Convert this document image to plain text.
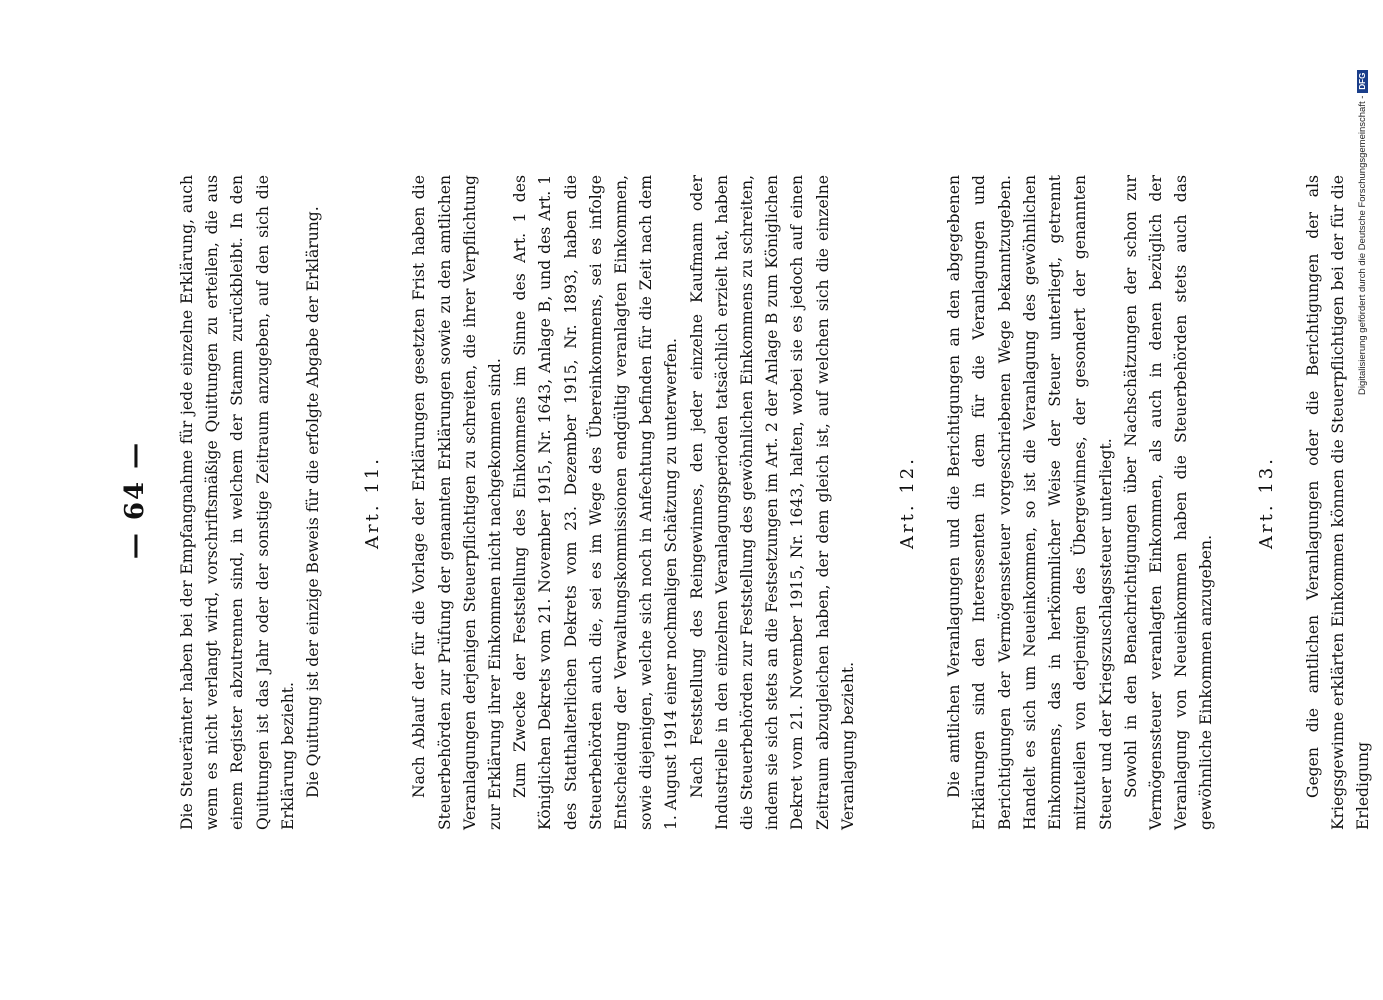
— 64 — Die Steuerämter haben bei der Empfangnahme für jede einzelne Erklärung, auch wenn es nicht verlangt wird, vorschriftsmäßige Quittungen zu erteilen, die aus einem Register abzutrennen sind, in welchem der Stamm zurückbleibt. In den Quittungen ist das Jahr oder der sonstige Zeitraum anzugeben, auf den sich die Erklärung bezieht. Die Quittung ist der einzige Beweis für die erfolgte Abgabe der Erklärung. Art. 11. Nach Ablauf der für die Vorlage der Erklärungen gesetzten Frist haben die Steuerbehörden zur Prüfung der genannten Erklärungen sowie zu den amtlichen Veranlagungen derjenigen Steuerpflichtigen zu schreiten, die ihrer Verpflichtung zur Erklärung ihrer Einkommen nicht nachgekommen sind. Zum Zwecke der Feststellung des Einkommens im Sinne des Art. 1 des Königlichen Dekrets vom 21. November 1915, Nr. 1643, Anlage B, und des Art. 1 des Statthalterlichen Dekrets vom 23. Dezember 1915, Nr. 1893, haben die Steuerbehörden auch die, sei es im Wege des Übereinkommens, sei es infolge Entscheidung der Verwaltungskommissionen endgültig veranlagten Einkommen, sowie diejenigen, welche sich noch in Anfechtung befinden für die Zeit nach dem 1. August 1914 einer nochmaligen Schätzung zu unterwerfen. Nach Feststellung des Reingewinnes, den jeder einzelne Kaufmann oder Industrielle in den einzelnen Veranlagungsperioden tatsächlich erzielt hat, haben die Steuerbehörden zur Feststellung des gewöhnlichen Einkommens zu schreiten, indem sie sich stets an die Festsetzungen im Art. 2 der Anlage B zum Königlichen Dekret vom 21. November 1915, Nr. 1643, halten, wobei sie es jedoch auf einen Zeitraum abzugleichen haben, der dem gleich ist, auf welchen sich die einzelne Veranlagung bezieht.

Art. 12. Die amtlichen Veranlagungen und die Berichtigungen an den abgegebenen Erklärungen sind den Interessenten in dem für die Veranlagungen und Berichtigungen der Vermögenssteuer vorgeschriebenen Wege bekanntzugeben. Handelt es sich um Neueinkommen, so ist die Veranlagung des gewöhnlichen Einkommens, das in herkömmlicher Weise der Steuer unterliegt, getrennt mitzuteilen von derjenigen des Übergewinnes, der gesondert der genannten Steuer und der Kriegszuschlagssteuer unterliegt. Sowohl in den Benachrichtigungen über Nachschätzungen der schon zur Vermögenssteuer veranlagten Einkommen, als auch in denen bezüglich der Veranlagung von Neueinkommen haben die Steuerbehörden stets auch das gewöhnliche Einkommen anzugeben.

Art. 13. Gegen die amtlichen Veranlagungen oder die Berichtigungen der als Kriegsgewinne erklärten Einkommen können die Steuerpflichtigen bei der für die Erledigung

Digitalisierung gefördert durch die Deutsche Forschungsgemeinschaft -DFG
